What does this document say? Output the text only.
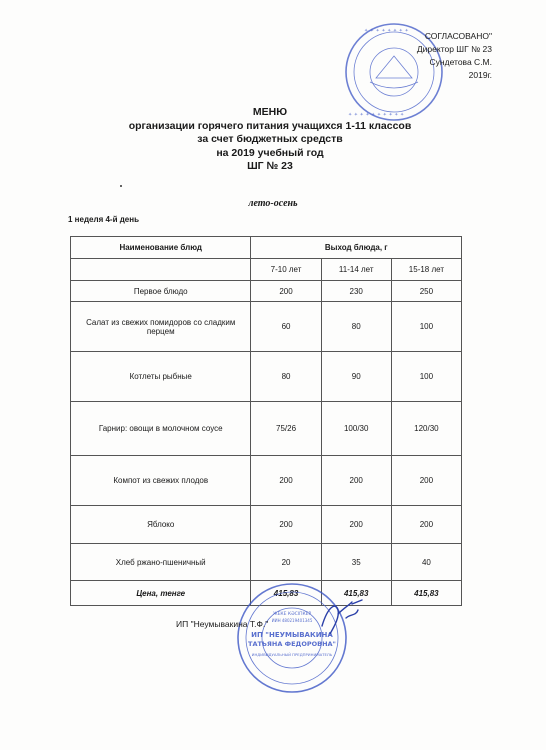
✦ ✦ ✦ ✦ ✦ ✦ ✦ ✦
✦ ✦ ✦ ✦ ✦ ✦ ✦ ✦ ✦ ✦
СОГЛАСОВАНО"
Директор ШГ № 23
Сундетова С.М.
2019г.
МЕНЮ
организации горячего питания учащихся 1-11 классов
за счет бюджетных средств
на 2019 учебный год
ШГ № 23
лето-осень
1 неделя 4-й день
Наименование блюд	Выход блюда, г		
	7-10 лет	11-14 лет	15-18 лет
Первое блюдо	200	230	250
Салат из свежих помидоров со сладким перцем	60	80	100
Котлеты рыбные	80	90	100
Гарнир: овощи в молочном соусе	75/26	100/30	120/30
Компот из свежих плодов	200	200	200
Яблоко	200	200	200
Хлеб ржано-пшеничный	20	35	40
Цена, тенге	415,83	415,83	415,83
ЖЕКЕ КӘСІПКЕР
ИИН 480219401345
ИП "НЕУМЫВАКИНА
ТАТЬЯНА ФЕДОРОВНА"
ИНДИВИДУАЛЬНЫЙ ПРЕДПРИНИМАТЕЛЬ
ИП "Неумывакина Т.Ф."
